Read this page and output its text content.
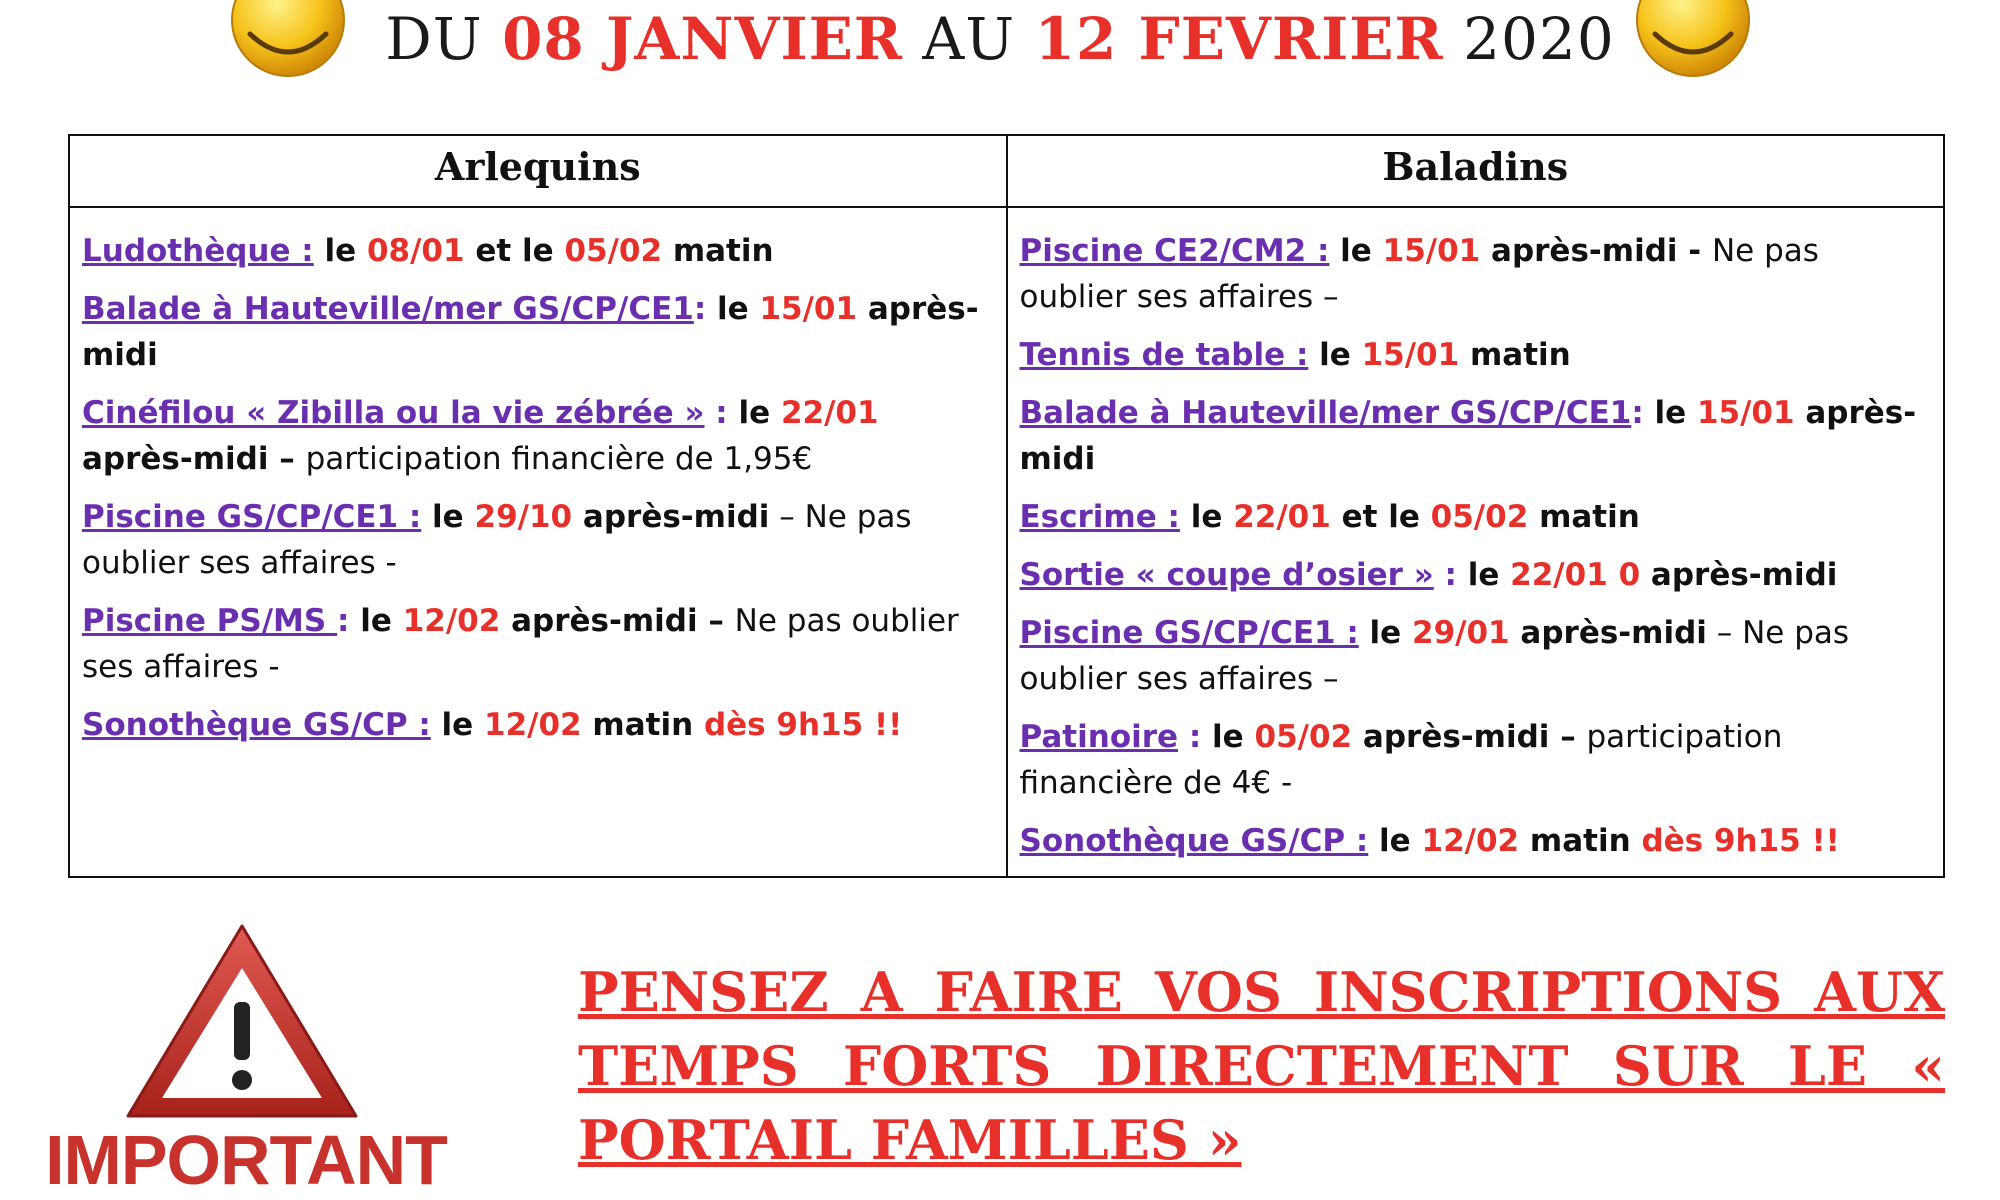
DU 08 JANVIER AU 12 FEVRIER 2020
Arlequins	Baladins
Ludothèque : le 08/01 et le 05/02 matin
Balade à Hauteville/mer GS/CP/CE1: le 15/01 après-midi
Cinéfilou « Zibilla ou la vie zébrée » : le 22/01 après-midi – participation financière de 1,95€
Piscine GS/CP/CE1 : le 29/10 après-midi – Ne pas oublier ses affaires -
Piscine PS/MS : le 12/02 après-midi – Ne pas oublier ses affaires -
Sonothèque GS/CP : le 12/02 matin dès 9h15 !!
Piscine CE2/CM2 : le 15/01 après-midi - Ne pas oublier ses affaires –
Tennis de table : le 15/01 matin
Balade à Hauteville/mer GS/CP/CE1: le 15/01 après-midi
Escrime : le 22/01 et le 05/02 matin
Sortie « coupe d’osier » : le 22/01 0 après-midi
Piscine GS/CP/CE1 : le 29/01 après-midi – Ne pas oublier ses affaires –
Patinoire : le 05/02 après-midi – participation financière de 4€ -
Sonothèque GS/CP : le 12/02 matin dès 9h15 !!
IMPORTANT
PENSEZ A FAIRE VOS INSCRIPTIONS AUX TEMPS FORTS DIRECTEMENT SUR LE « PORTAIL FAMILLES »
